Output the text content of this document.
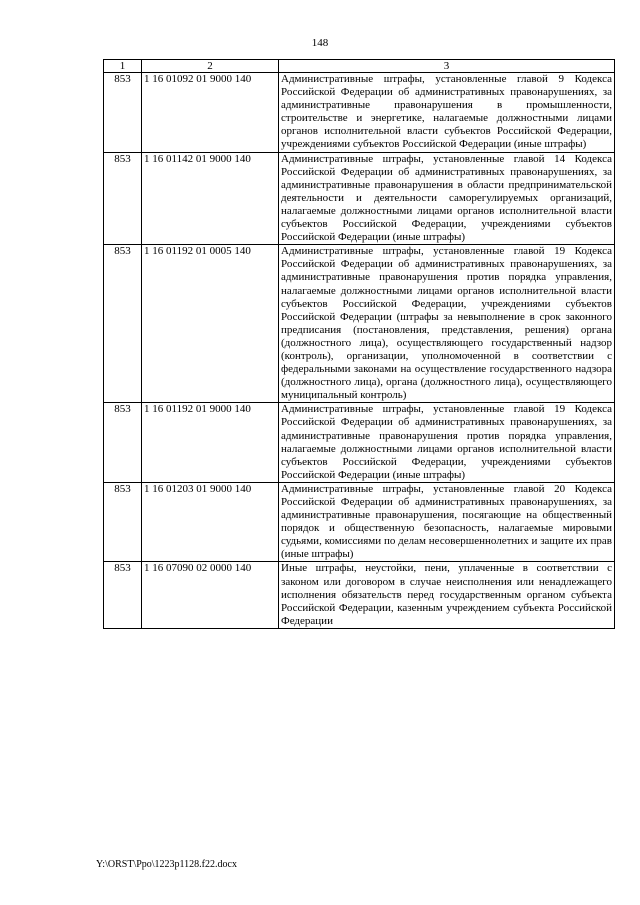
148
1	2	3
853	1 16 01092 01 9000 140	Административные штрафы, установленные главой 9 Кодекса Российской Федерации об административных правонарушениях, за административные правонарушения в промышленности, строительстве и энергетике, налагаемые должностными лицами органов исполнительной власти субъектов Российской Федерации, учреждениями субъектов Российской Федерации (иные штрафы)
853	1 16 01142 01 9000 140	Административные штрафы, установленные главой 14 Кодекса Российской Федерации об административных правонарушениях, за административные правонарушения в области предпринимательской деятельности и деятельности саморегулируемых организаций, налагаемые должностными лицами органов исполнительной власти субъектов Российской Федерации, учреждениями субъектов Российской Федерации (иные штрафы)
853	1 16 01192 01 0005 140	Административные штрафы, установленные главой 19 Кодекса Российской Федерации об административных правонарушениях, за административные правонарушения против порядка управления, налагаемые должностными лицами органов исполнительной власти субъектов Российской Федерации, учреждениями субъектов Российской Федерации (штрафы за невыполнение в срок законного предписания (постановления, представления, решения) органа (должностного лица), осуществляющего государственный надзор (контроль), организации, уполномоченной в соответствии с федеральными законами на осуществление государственного надзора (должностного лица), органа (должностного лица), осуществляющего муниципальный контроль)
853	1 16 01192 01 9000 140	Административные штрафы, установленные главой 19 Кодекса Российской Федерации об административных правонарушениях, за административные правонарушения против порядка управления, налагаемые должностными лицами органов исполнительной власти субъектов Российской Федерации, учреждениями субъектов Российской Федерации (иные штрафы)
853	1 16 01203 01 9000 140	Административные штрафы, установленные главой 20 Кодекса Российской Федерации об административных правонарушениях, за административные правонарушения, посягающие на общественный порядок и общественную безопасность, налагаемые мировыми судьями, комиссиями по делам несовершеннолетних и защите их прав (иные штрафы)
853	1 16 07090 02 0000 140	Иные штрафы, неустойки, пени, уплаченные в соответствии с законом или договором в случае неисполнения или ненадлежащего исполнения обязательств перед государственным органом субъекта Российской Федерации, казенным учреждением субъекта Российской Федерации
Y:\ORST\Ppo\1223p1128.f22.docx
